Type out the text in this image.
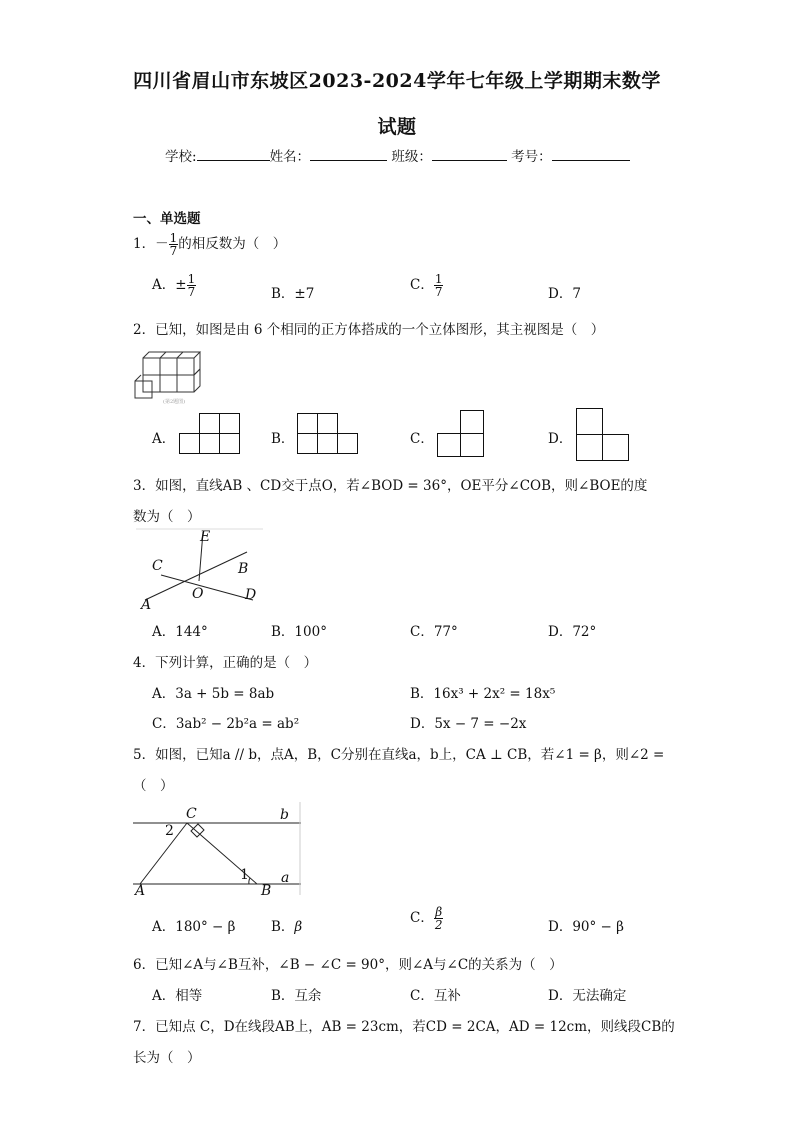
四川省眉山市东坡区2023-2024学年七年级上学期期末数学
试题
学校:	姓名：	班级：	考号：
一、单选题
1．－ $\frac{1}{7}$ 的相反数为（　）
A．± $\frac{1}{7}$	B．±7
C． $\frac{1}{7}$	D．7
2．已知，如图是由 6 个相同的正方体搭成的一个立体图形，其主视图是（　）
(第2题图)
A．	B．	C．	D．
3．如图，直线AB 、CD交于点O，若∠BOD = 36°，OE平分∠COB，则∠BOE的度
数为（　）
E
C	B
O
A
D
A．144°	B．100°	C．77°	D．72°
4．下列计算，正确的是（　）
A．3a + 5b = 8ab	B．16x³ + 2x² = 18x⁵
C．3ab² − 2b²a = ab²	D．5x − 7 = −2x
5．如图，已知a // b，点A，B，C分别在直线a，b上，CA ⊥ CB，若∠1 = β，则∠2 =
（　）
C	b
2
1
A	B
a
A．180° − β	B．β
C． $\frac{\beta}{2}$	D．90° − β
6．已知∠A与∠B互补，∠B − ∠C = 90°，则∠A与∠C的关系为（　）
A．相等	B．互余	C．互补	D．无法确定
7．已知点 C，D在线段AB上，AB = 23cm，若CD = 2CA，AD = 12cm，则线段CB的
长为（　）
